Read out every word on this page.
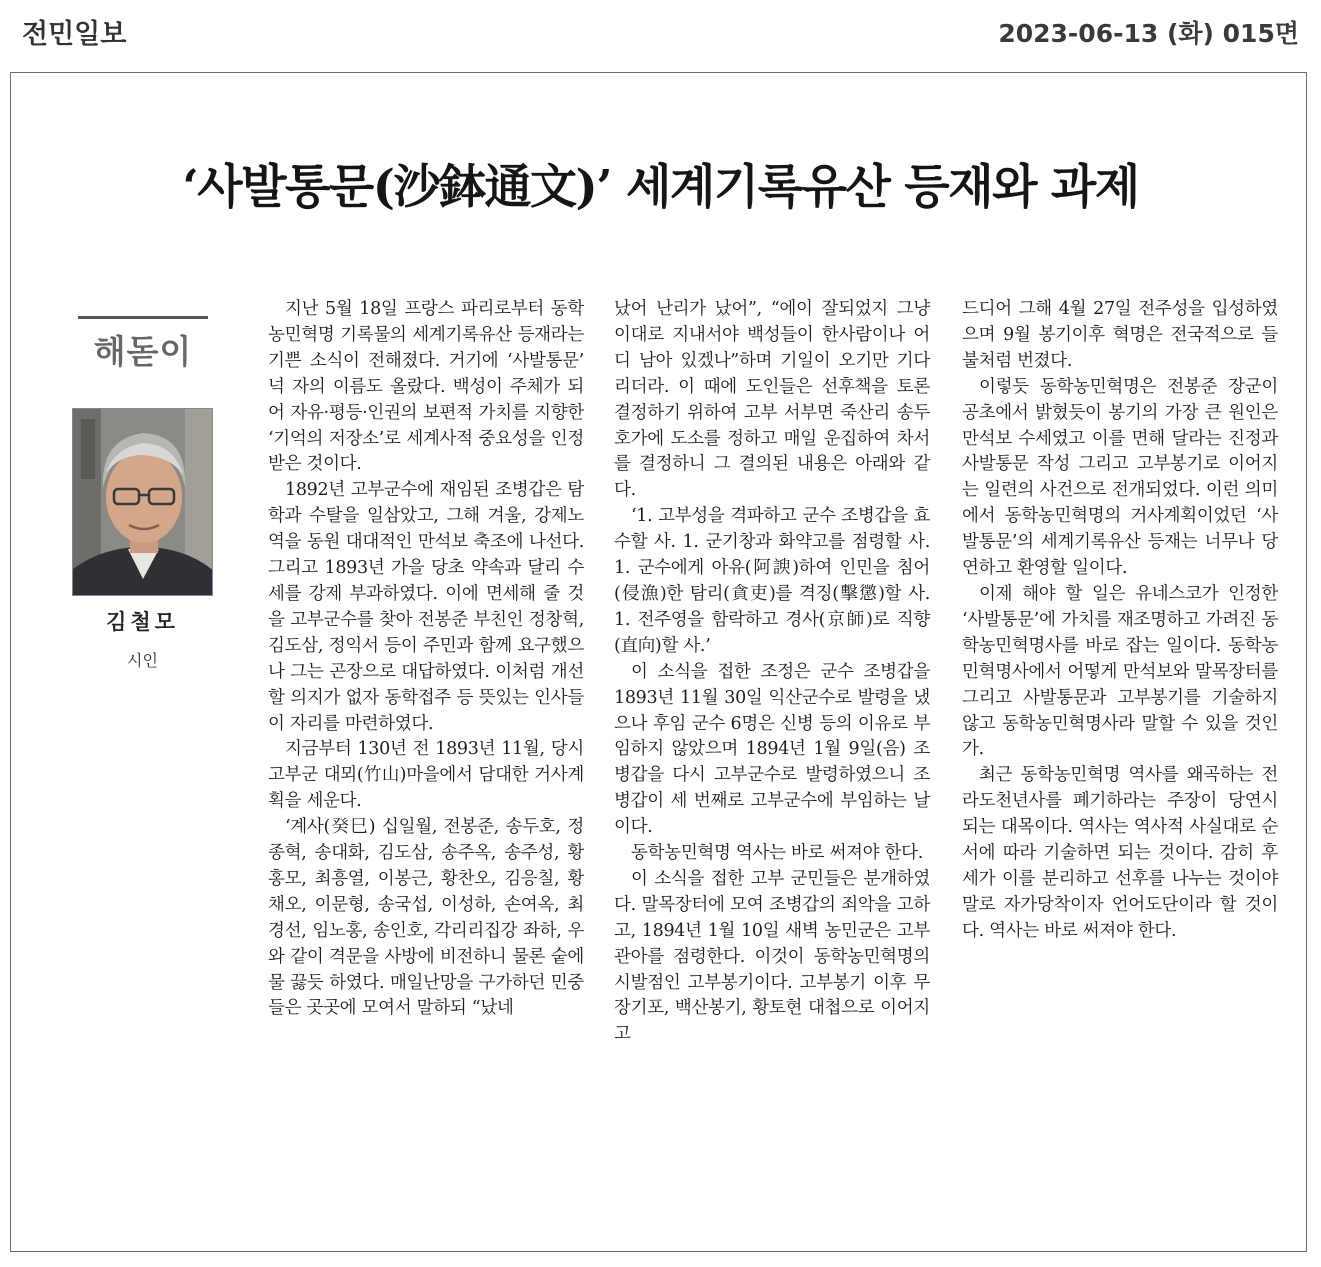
전민일보	2023-06-13 (화) 015면
‘사발통문(沙鉢通文)’ 세계기록유산 등재와 과제
해돋이
김철모
시인

지난 5월 18일 프랑스 파리로부터 동학농민혁명 기록물의 세계기록유산 등재라는 기쁜 소식이 전해졌다. 거기에 ‘사발통문’ 넉 자의 이름도 올랐다. 백성이 주체가 되어 자유·평등·인권의 보편적 가치를 지향한 ‘기억의 저장소’로 세계사적 중요성을 인정받은 것이다.

1892년 고부군수에 재임된 조병갑은 탐학과 수탈을 일삼았고, 그해 겨울, 강제노역을 동원 대대적인 만석보 축조에 나선다. 그리고 1893년 가을 당초 약속과 달리 수세를 강제 부과하였다. 이에 면세해 줄 것을 고부군수를 찾아 전봉준 부친인 정창혁, 김도삼, 정익서 등이 주민과 함께 요구했으나 그는 곤장으로 대답하였다. 이처럼 개선할 의지가 없자 동학접주 등 뜻있는 인사들이 자리를 마련하였다.

지금부터 130년 전 1893년 11월, 당시 고부군 대뫼(竹山)마을에서 담대한 거사계획을 세운다.

‘계사(癸巳) 십일월, 전봉준, 송두호, 정종혁, 송대화, 김도삼, 송주옥, 송주성, 황홍모, 최흥열, 이봉근, 황찬오, 김응칠, 황채오, 이문형, 송국섭, 이성하, 손여옥, 최경선, 임노홍, 송인호, 각리리집강 좌하, 우와 같이 격문을 사방에 비전하니 물론 숱에 물 끓듯 하였다. 매일난망을 구가하던 민중들은 곳곳에 모여서 말하되 “났네

났어 난리가 났어”, “에이 잘되었지 그냥 이대로 지내서야 백성들이 한사람이나 어디 남아 있겠나”하며 기일이 오기만 기다리더라. 이 때에 도인들은 선후책을 토론 결정하기 위하여 고부 서부면 죽산리 송두호가에 도소를 정하고 매일 운집하여 차서를 결정하니 그 결의된 내용은 아래와 같다.

‘1. 고부성을 격파하고 군수 조병갑을 효수할 사. 1. 군기창과 화약고를 점령할 사. 1. 군수에게 아유(阿諛)하여 인민을 침어(侵漁)한 탐리(貪吏)를 격징(擊懲)할 사. 1. 전주영을 함락하고 경사(京師)로 직향(直向)할 사.’

이 소식을 접한 조정은 군수 조병갑을 1893년 11월 30일 익산군수로 발령을 냈으나 후임 군수 6명은 신병 등의 이유로 부임하지 않았으며 1894년 1월 9일(음) 조병갑을 다시 고부군수로 발령하였으니 조병갑이 세 번째로 고부군수에 부임하는 날이다.

동학농민혁명 역사는 바로 써져야 한다.

이 소식을 접한 고부 군민들은 분개하였다. 말목장터에 모여 조병갑의 죄악을 고하고, 1894년 1월 10일 새벽 농민군은 고부관아를 점령한다. 이것이 동학농민혁명의 시발점인 고부봉기이다. 고부봉기 이후 무장기포, 백산봉기, 황토현 대첩으로 이어지고

드디어 그해 4월 27일 전주성을 입성하였으며 9월 봉기이후 혁명은 전국적으로 들불처럼 번졌다.

이렇듯 동학농민혁명은 전봉준 장군이 공초에서 밝혔듯이 봉기의 가장 큰 원인은 만석보 수세였고 이를 면해 달라는 진정과 사발통문 작성 그리고 고부봉기로 이어지는 일련의 사건으로 전개되었다. 이런 의미에서 동학농민혁명의 거사계획이었던 ‘사발통문’의 세계기록유산 등재는 너무나 당연하고 환영할 일이다.

이제 해야 할 일은 유네스코가 인정한 ‘사발통문’에 가치를 재조명하고 가려진 동학농민혁명사를 바로 잡는 일이다. 동학농민혁명사에서 어떻게 만석보와 말목장터를 그리고 사발통문과 고부봉기를 기술하지 않고 동학농민혁명사라 말할 수 있을 것인가.

최근 동학농민혁명 역사를 왜곡하는 전라도천년사를 폐기하라는 주장이 당연시 되는 대목이다. 역사는 역사적 사실대로 순서에 따라 기술하면 되는 것이다. 감히 후세가 이를 분리하고 선후를 나누는 것이야말로 자가당착이자 언어도단이라 할 것이다. 역사는 바로 써져야 한다.
